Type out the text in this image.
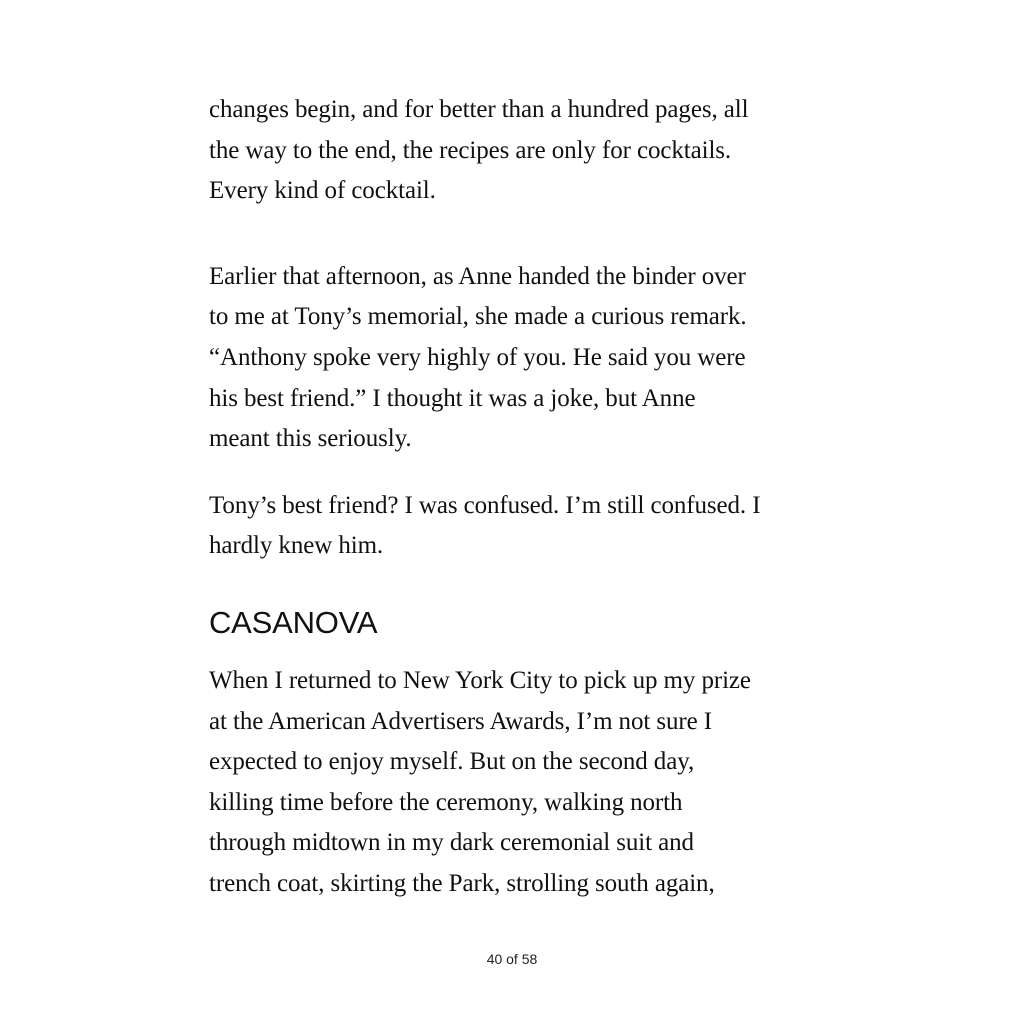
changes begin, and for better than a hundred pages, all
the way to the end, the recipes are only for cocktails.
Every kind of cocktail.

Earlier that afternoon, as Anne handed the binder over
to me at Tony’s memorial, she made a curious remark.
“Anthony spoke very highly of you. He said you were
his best friend.” I thought it was a joke, but Anne
meant this seriously.

Tony’s best friend? I was confused. I’m still confused. I
hardly knew him.

CASANOVA

When I returned to New York City to pick up my prize
at the American Advertisers Awards, I’m not sure I
expected to enjoy myself. But on the second day,
killing time before the ceremony, walking north
through midtown in my dark ceremonial suit and
trench coat, skirting the Park, strolling south again,

40 of 58
